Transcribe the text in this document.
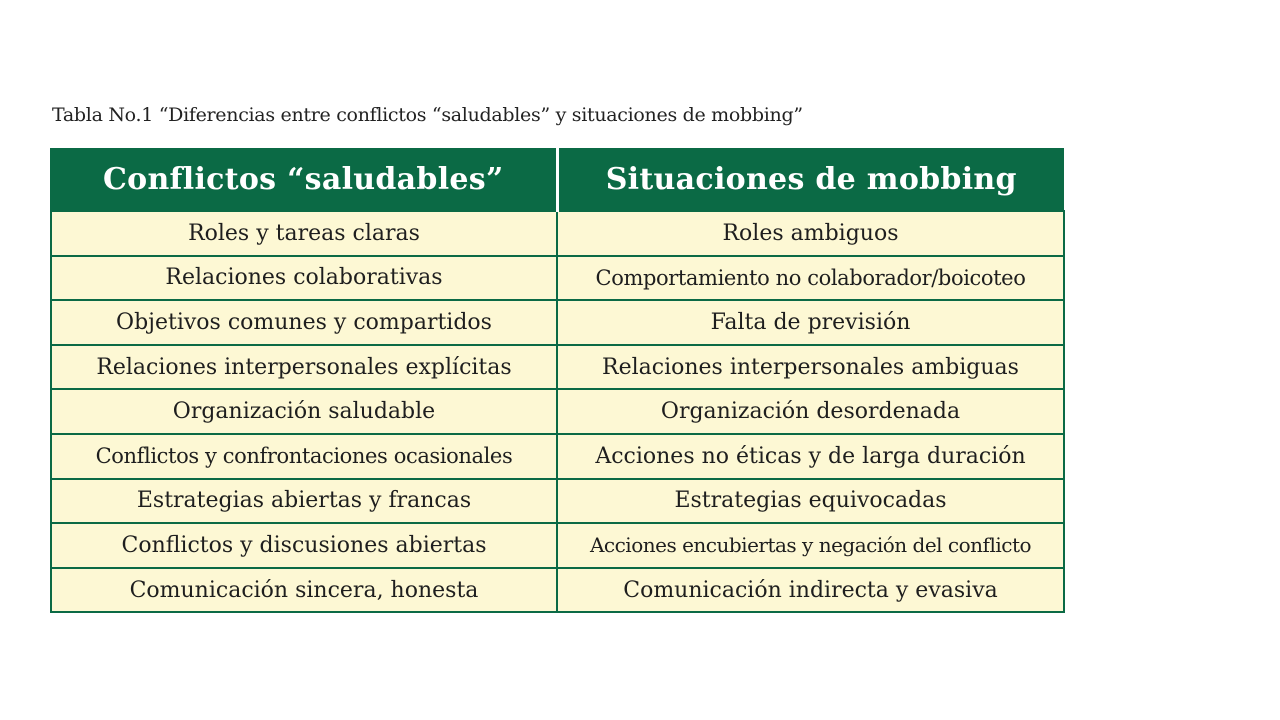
Tabla No.1 “Diferencias entre conflictos “saludables” y situaciones de mobbing”
Conflictos “saludables”	Situaciones de mobbing
Roles y tareas claras	Roles ambiguos
Relaciones colaborativas	Comportamiento no colaborador/boicoteo
Objetivos comunes y compartidos	Falta de previsión
Relaciones interpersonales explícitas	Relaciones interpersonales ambiguas
Organización saludable	Organización desordenada
Conflictos y confrontaciones ocasionales	Acciones no éticas y de larga duración
Estrategias abiertas y francas	Estrategias equivocadas
Conflictos y discusiones abiertas	Acciones encubiertas y negación del conflicto
Comunicación sincera, honesta	Comunicación indirecta y evasiva
